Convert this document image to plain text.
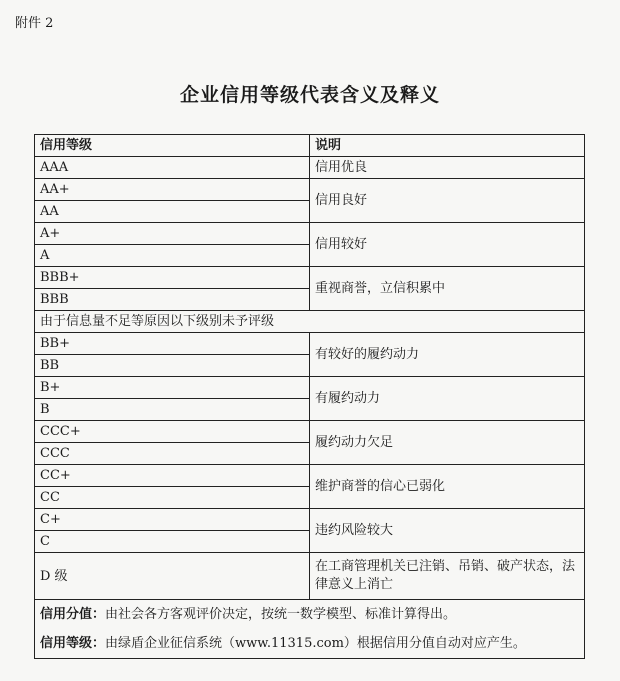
附件 2
企业信用等级代表含义及释义
信用等级	说明
AAA	信用优良
AA+	信用良好
AA	
A+	信用较好
A	
BBB+	重视商誉，立信积累中
BBB	
由于信息量不足等原因以下级别未予评级	
BB+	有较好的履约动力
BB	
B+	有履约动力
B	
CCC+	履约动力欠足
CCC	
CC+	维护商誉的信心已弱化
CC	
C+	违约风险较大
C	
D 级	在工商管理机关已注销、吊销、破产状态，法律意义上消亡

信用分值：由社会各方客观评价决定，按统一数学模型、标准计算得出。
信用等级：由绿盾企业征信系统（www.11315.com）根据信用分值自动对应产生。	
